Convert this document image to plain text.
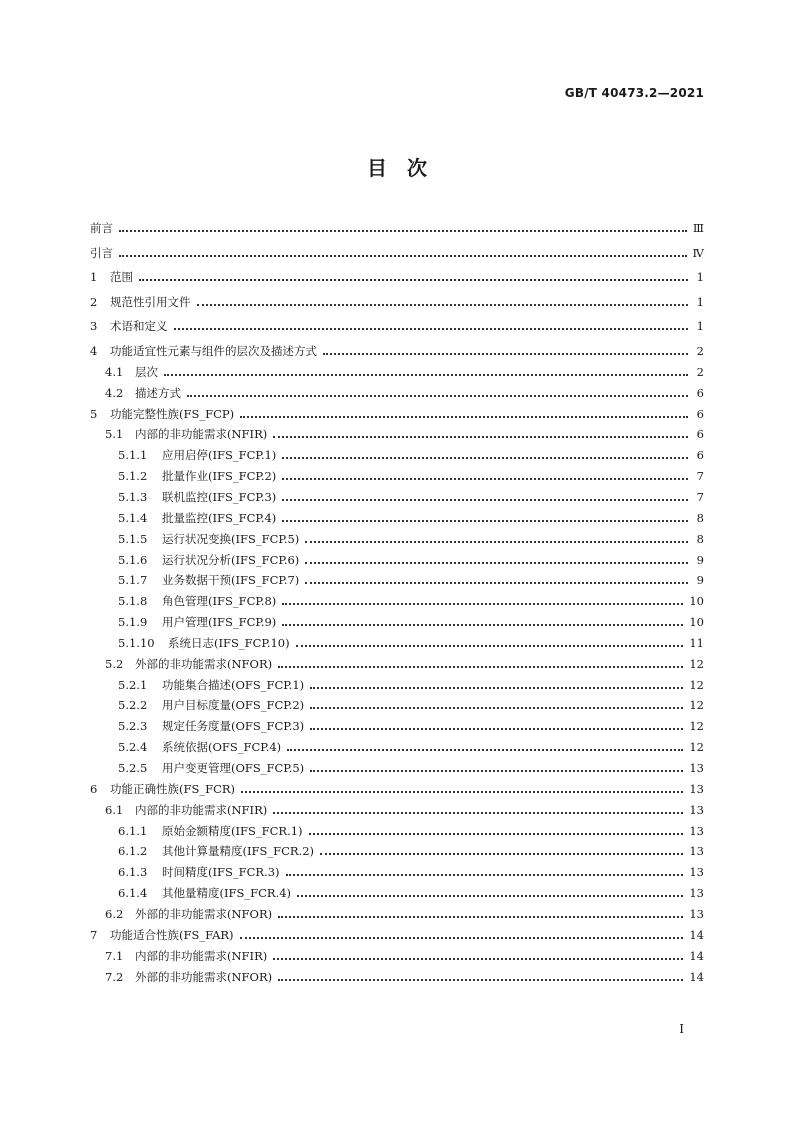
GB/T 40473.2—2021
目　次
前言	Ⅲ
引言	Ⅳ
1	范围	1
2	规范性引用文件	1
3	术语和定义	1
4	功能适宜性元素与组件的层次及描述方式	2
4.1	层次	2
4.2	描述方式	6
5	功能完整性族(FS_FCP)	6
5.1	内部的非功能需求(NFIR)	6
5.1.1	应用启停(IFS_FCP.1)	6
5.1.2	批量作业(IFS_FCP.2)	7
5.1.3	联机监控(IFS_FCP.3)	7
5.1.4	批量监控(IFS_FCP.4)	8
5.1.5	运行状况变换(IFS_FCP.5)	8
5.1.6	运行状况分析(IFS_FCP.6)	9
5.1.7	业务数据干预(IFS_FCP.7)	9
5.1.8	角色管理(IFS_FCP.8)	10
5.1.9	用户管理(IFS_FCP.9)	10
5.1.10	系统日志(IFS_FCP.10)	11
5.2	外部的非功能需求(NFOR)	12
5.2.1	功能集合描述(OFS_FCP.1)	12
5.2.2	用户目标度量(OFS_FCP.2)	12
5.2.3	规定任务度量(OFS_FCP.3)	12
5.2.4	系统依据(OFS_FCP.4)	12
5.2.5	用户变更管理(OFS_FCP.5)	13
6	功能正确性族(FS_FCR)	13
6.1	内部的非功能需求(NFIR)	13
6.1.1	原始金额精度(IFS_FCR.1)	13
6.1.2	其他计算量精度(IFS_FCR.2)	13
6.1.3	时间精度(IFS_FCR.3)	13
6.1.4	其他量精度(IFS_FCR.4)	13
6.2	外部的非功能需求(NFOR)	13
7	功能适合性族(FS_FAR)	14
7.1	内部的非功能需求(NFIR)	14
7.2	外部的非功能需求(NFOR)	14
I
